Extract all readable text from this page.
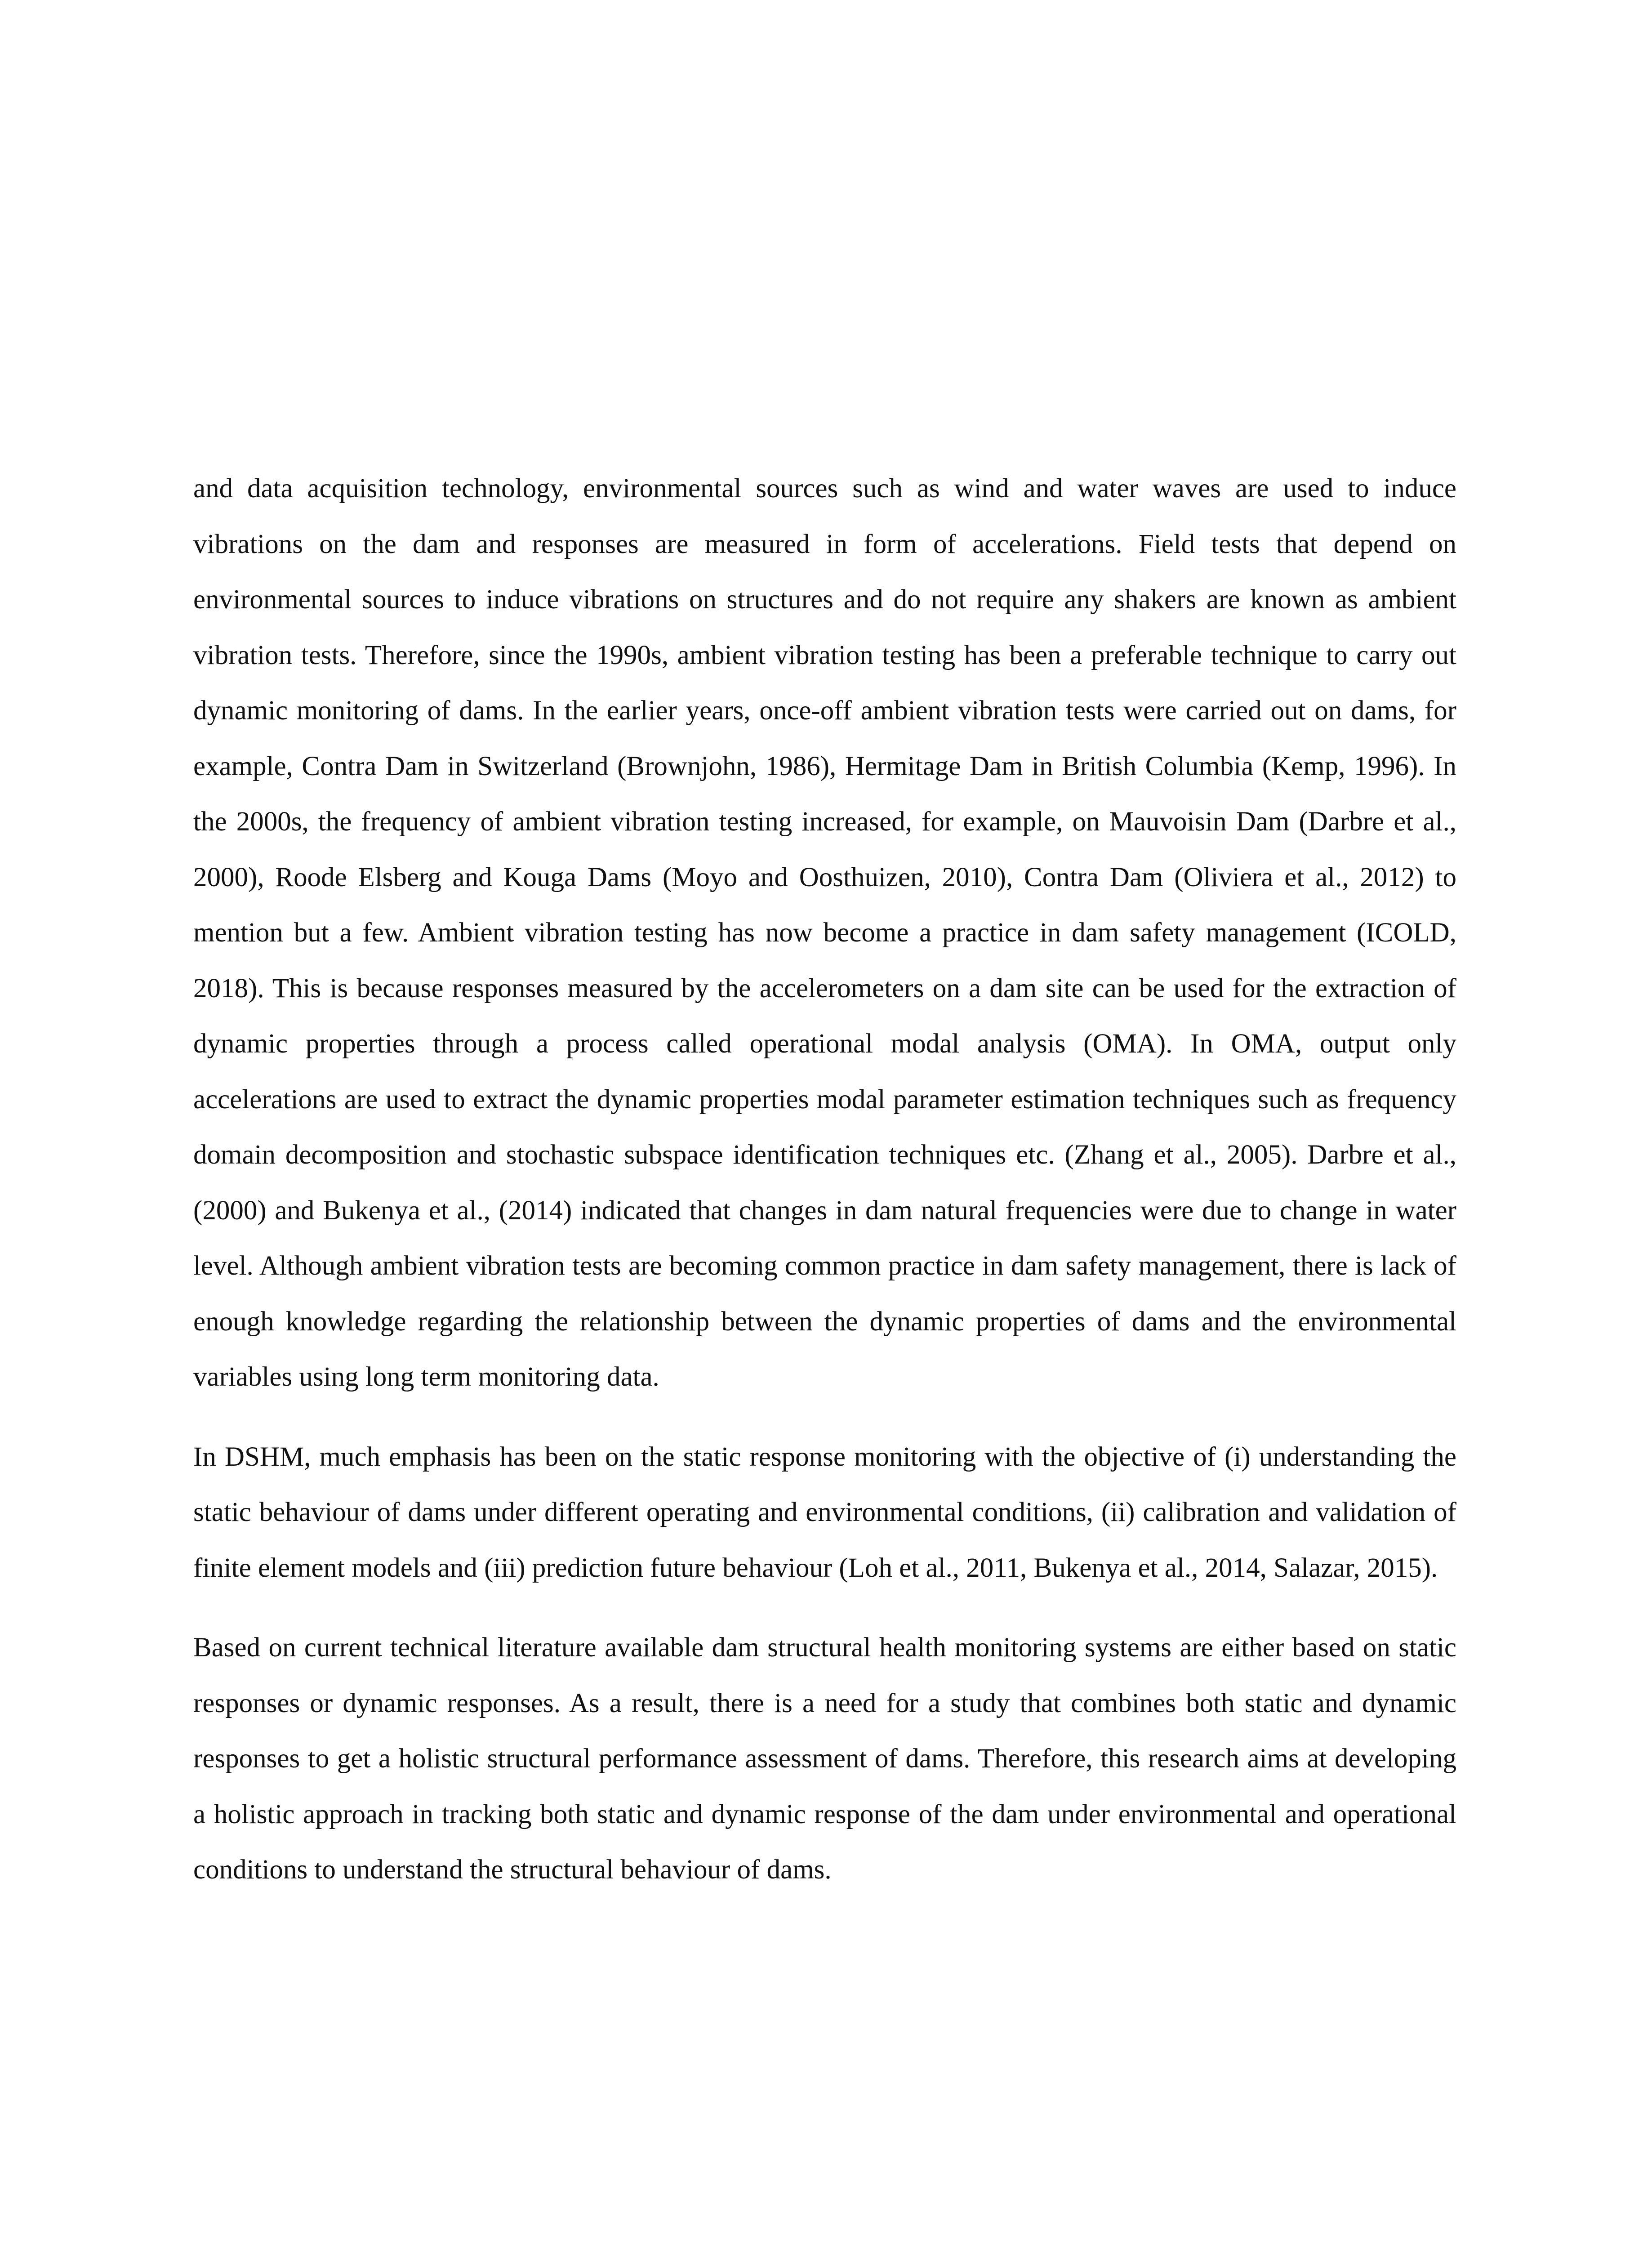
and data acquisition technology, environmental sources such as wind and water waves are used to induce vibrations on the dam and responses are measured in form of accelerations. Field tests that depend on environmental sources to induce vibrations on structures and do not require any shakers are known as ambient vibration tests. Therefore, since the 1990s, ambient vibration testing has been a preferable technique to carry out dynamic monitoring of dams. In the earlier years, once-off ambient vibration tests were carried out on dams, for example, Contra Dam in Switzerland (Brownjohn, 1986), Hermitage Dam in British Columbia (Kemp, 1996). In the 2000s, the frequency of ambient vibration testing increased, for example, on Mauvoisin Dam (Darbre et al., 2000), Roode Elsberg and Kouga Dams (Moyo and Oosthuizen, 2010), Contra Dam (Oliviera et al., 2012) to mention but a few. Ambient vibration testing has now become a practice in dam safety management (ICOLD, 2018). This is because responses measured by the accelerometers on a dam site can be used for the extraction of dynamic properties through a process called operational modal analysis (OMA). In OMA, output only accelerations are used to extract the dynamic properties modal parameter estimation techniques such as frequency domain decomposition and stochastic subspace identification techniques etc. (Zhang et al., 2005). Darbre et al., (2000) and Bukenya et al., (2014) indicated that changes in dam natural frequencies were due to change in water level. Although ambient vibration tests are becoming common practice in dam safety management, there is lack of enough knowledge regarding the relationship between the dynamic properties of dams and the environmental variables using long term monitoring data.

In DSHM, much emphasis has been on the static response monitoring with the objective of (i) understanding the static behaviour of dams under different operating and environmental conditions, (ii) calibration and validation of finite element models and (iii) prediction future behaviour (Loh et al., 2011, Bukenya et al., 2014, Salazar, 2015).

Based on current technical literature available dam structural health monitoring systems are either based on static responses or dynamic responses. As a result, there is a need for a study that combines both static and dynamic responses to get a holistic structural performance assessment of dams. Therefore, this research aims at developing a holistic approach in tracking both static and dynamic response of the dam under environmental and operational conditions to understand the structural behaviour of dams.
